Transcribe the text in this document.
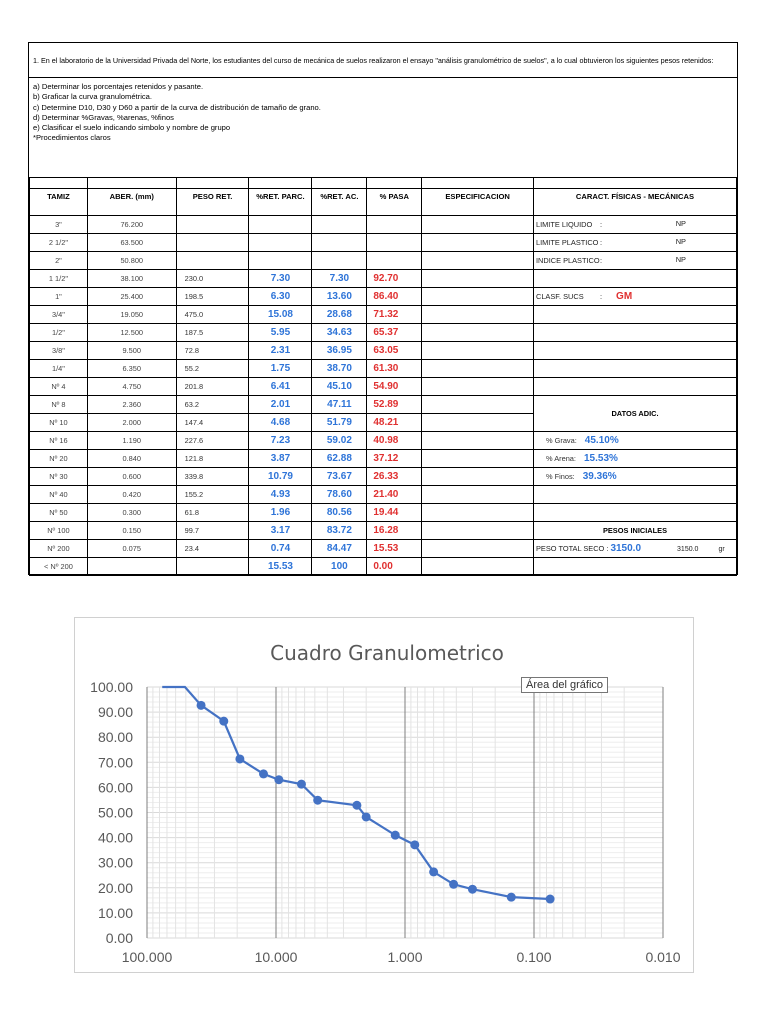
1. En el laboratorio de la Universidad Privada del Norte, los estudiantes del curso de mecánica de suelos realizaron el ensayo "análisis granulométrico de suelos", a lo cual obtuvieron los siguientes pesos retenidos:
a) Determinar los porcentajes retenidos y pasante.
b) Graficar la curva granulométrica.
c) Determine D10, D30 y D60 a partir de la curva de distribución de tamaño de grano.
d) Determinar %Gravas, %arenas, %finos
e) Clasificar el suelo indicando simbolo y nombre de grupo
*Procedimientos claros
TAMIZ	ABER. (mm)	PESO RET.	%RET. PARC.	%RET. AC.	% PASA	ESPECIFICACION	CARACT. FÍSICAS - MECÁNICAS
3"	76.200						LIMITE LIQUIDO : NP

2 1/2"	63.500						LIMITE PLASTICO : NP

2"	50.800						INDICE PLASTICO: NP

1 1/2"	38.100	230.0	7.30	7.30	92.70		
1"	25.400	198.5	6.30	13.60	86.40		CLASF. SUCS : GM
3/4"	19.050	475.0	15.08	28.68	71.32		
1/2"	12.500	187.5	5.95	34.63	65.37		
3/8"	9.500	72.8	2.31	36.95	63.05		
1/4"	6.350	55.2	1.75	38.70	61.30		
Nº 4	4.750	201.8	6.41	45.10	54.90		
Nº 8	2.360	63.2	2.01	47.11	52.89		DATOS ADIC.
Nº 10	2.000	147.4	4.68	51.79	48.21		
Nº 16	1.190	227.6	7.23	59.02	40.98		% Grava: 45.10%
Nº 20	0.840	121.8	3.87	62.88	37.12		% Arena: 15.53%
Nº 30	0.600	339.8	10.79	73.67	26.33		% Finos: 39.36%
Nº 40	0.420	155.2	4.93	78.60	21.40		
Nº 50	0.300	61.8	1.96	80.56	19.44		
Nº 100	0.150	99.7	3.17	83.72	16.28		PESOS INICIALES
Nº 200	0.075	23.4	0.74	84.47	15.53		PESO TOTAL SECO : 3150.0 3150.0 gr
< Nº 200			15.53	100	0.00		
Cuadro Granulometrico
100.00
90.00
80.00
70.00
60.00
50.00
40.00
30.00
20.00
10.00
0.00
100.000	10.000	1.000	0.100	0.010
Área del gráfico
